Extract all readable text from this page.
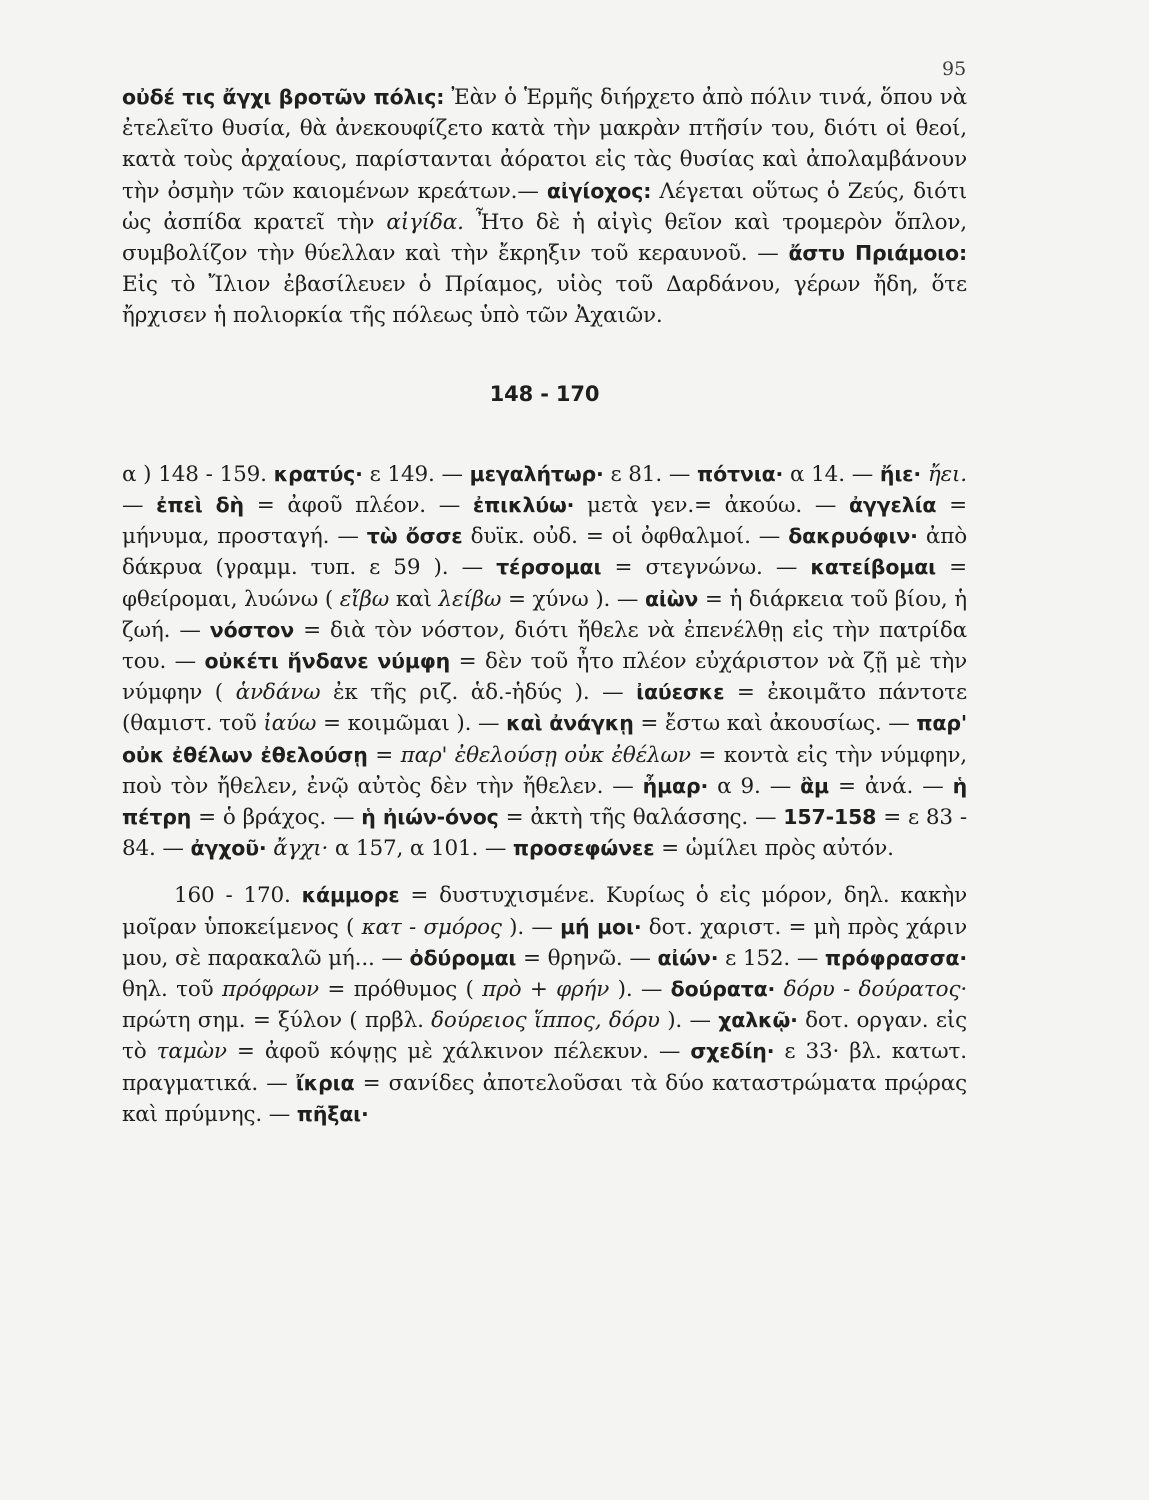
95

οὐδέ τις ἄγχι βροτῶν πόλις: Ἐὰν ὁ Ἑρμῆς διήρχετο ἀπὸ πόλιν τινά, ὅπου νὰ ἐτελεῖτο θυσία, θὰ ἀνεκουφίζετο κατὰ τὴν μακρὰν πτῆσίν του, διότι οἱ θεοί, κατὰ τοὺς ἀρχαίους, παρίστανται ἀόρατοι εἰς τὰς θυσίας καὶ ἀπολαμβάνουν τὴν ὀσμὴν τῶν καιομένων κρεάτων.— αἰγίοχος: Λέγεται οὕτως ὁ Ζεύς, διότι ὡς ἀσπίδα κρατεῖ τὴν αἰγίδα. Ἦτο δὲ ἡ αἰγὶς θεῖον καὶ τρομερὸν ὅπλον, συμβολίζον τὴν θύελλαν καὶ τὴν ἔκρηξιν τοῦ κεραυνοῦ. — ἄστυ Πριάμοιο: Εἰς τὸ Ἴλιον ἐβασίλευεν ὁ Πρίαμος, υἱὸς τοῦ Δαρδάνου, γέρων ἤδη, ὅτε ἤρχισεν ἡ πολιορκία τῆς πόλεως ὑπὸ τῶν Ἀχαιῶν.

148 - 170

α ) 148 - 159. κρατύς· ε 149. — μεγαλήτωρ· ε 81. — πότνια· α 14. — ἤιε· ἤει. — ἐπεὶ δὴ = ἀφοῦ πλέον. — ἐπικλύω· μετὰ γεν.= ἀκούω. — ἀγγελία = μήνυμα, προσταγή. — τὼ ὄσσε δυϊκ. οὐδ. = οἱ ὀφθαλμοί. — δακρυόφιν· ἀπὸ δάκρυα (γραμμ. τυπ. ε 59 ). — τέρσομαι = στεγνώνω. — κατείβομαι = φθείρομαι, λυώνω ( εἴβω καὶ λείβω = χύνω ). — αἰὼν = ἡ διάρκεια τοῦ βίου, ἡ ζωή. — νόστον = διὰ τὸν νόστον, διότι ἤθελε νὰ ἐπενέλθῃ εἰς τὴν πατρίδα του. — οὐκέτι ἥνδανε νύμφη = δὲν τοῦ ἦτο πλέον εὐχάριστον νὰ ζῇ μὲ τὴν νύμφην ( ἁνδάνω ἐκ τῆς ριζ. ἁδ.-ἡδύς ). — ἰαύεσκε = ἐκοιμᾶτο πάντοτε (θαμιστ. τοῦ ἰαύω = κοιμῶμαι ). — καὶ ἀνάγκῃ = ἔστω καὶ ἀκουσίως. — παρ' οὐκ ἐθέλων ἐθελούσῃ = παρ' ἐθελούσῃ οὐκ ἐθέλων = κοντὰ εἰς τὴν νύμφην, ποὺ τὸν ἤθελεν, ἐνῷ αὐτὸς δὲν τὴν ἤθελεν. — ἦμαρ· α 9. — ἂμ = ἀνά. — ἡ πέτρη = ὁ βράχος. — ἡ ἠιών-όνος = ἀκτὴ τῆς θαλάσσης. — 157-158 = ε 83 - 84. — ἀγχοῦ· ἄγχι· α 157, α 101. — προσεφώνεε = ὡμίλει πρὸς αὐτόν.

160 - 170. κάμμορε = δυστυχισμένε. Κυρίως ὁ εἰς μόρον, δηλ. κακὴν μοῖραν ὑποκείμενος ( κατ - σμόρος ). — μή μοι· δοτ. χαριστ. = μὴ πρὸς χάριν μου, σὲ παρακαλῶ μή... — ὀδύρομαι = θρηνῶ. — αἰών· ε 152. — πρόφρασσα· θηλ. τοῦ πρόφρων = πρόθυμος ( πρὸ + φρήν ). — δούρατα· δόρυ - δούρατος· πρώτη σημ. = ξύλον ( πρβλ. δούρειος ἵππος, δόρυ ). — χαλκῷ· δοτ. οργαν. εἰς τὸ ταμὼν = ἀφοῦ κόψῃς μὲ χάλκινον πέλεκυν. — σχεδίη· ε 33· βλ. κατωτ. πραγματικά. — ἴκρια = σανίδες ἀποτελοῦσαι τὰ δύο καταστρώματα πρῴρας καὶ πρύμνης. — πῆξαι·
